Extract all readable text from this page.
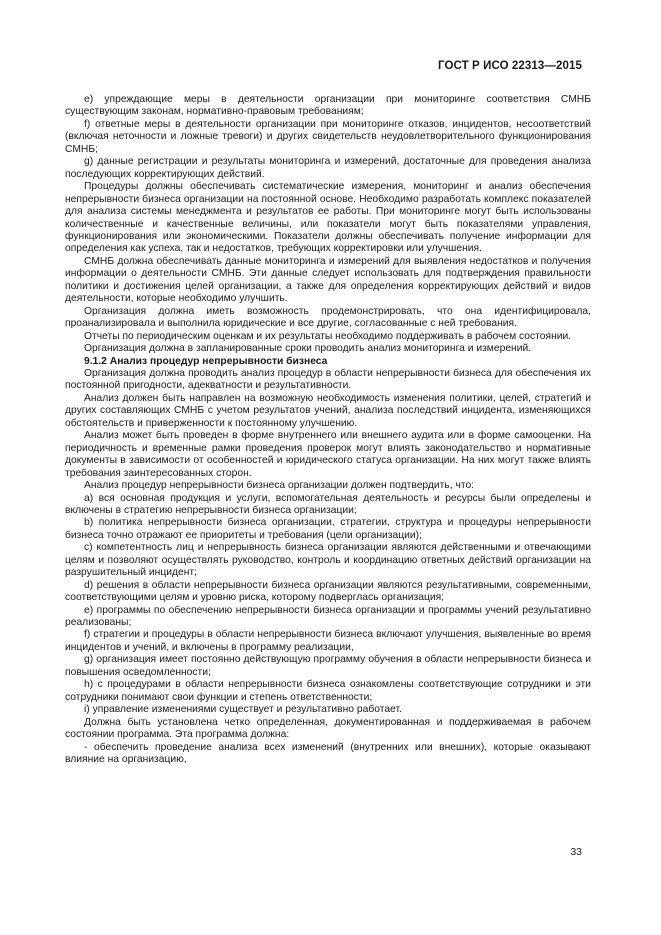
ГОСТ Р ИСО 22313—2015

e) упреждающие меры в деятельности организации при мониторинге соответствия СМНБ существующим законам, нормативно-правовым требованиям;

f) ответные меры в деятельности организации при мониторинге отказов, инцидентов, несоответствий (включая неточности и ложные тревоги) и других свидетельств неудовлетворительного функционирования СМНБ;

g) данные регистрации и результаты мониторинга и измерений, достаточные для проведения анализа последующих корректирующих действий.

Процедуры должны обеспечивать систематические измерения, мониторинг и анализ обеспечения непрерывности бизнеса организации на постоянной основе. Необходимо разработать комплекс показателей для анализа системы менеджмента и результатов ее работы. При мониторинге могут быть использованы количественные и качественные величины, или показатели могут быть показателями управления, функционирования или экономическими. Показатели должны обеспечивать получение информации для определения как успеха, так и недостатков, требующих корректировки или улучшения.

СМНБ должна обеспечивать данные мониторинга и измерений для выявления недостатков и получения информации о деятельности СМНБ. Эти данные следует использовать для подтверждения правильности политики и достижения целей организации, а также для определения корректирующих действий и видов деятельности, которые необходимо улучшить.

Организация должна иметь возможность продемонстрировать, что она идентифицировала, проанализировала и выполнила юридические и все другие, согласованные с ней требования.

Отчеты по периодическим оценкам и их результаты необходимо поддерживать в рабочем состоянии.

Организация должна в запланированные сроки проводить анализ мониторинга и измерений.

9.1.2 Анализ процедур непрерывности бизнеса

Организация должна проводить анализ процедур в области непрерывности бизнеса для обеспечения их постоянной пригодности, адекватности и результативности.

Анализ должен быть направлен на возможную необходимость изменения политики, целей, стратегий и других составляющих СМНБ с учетом результатов учений, анализа последствий инцидента, изменяющихся обстоятельств и приверженности к постоянному улучшению.

Анализ может быть проведен в форме внутреннего или внешнего аудита или в форме самооценки. На периодичность и временные рамки проведения проверок могут влиять законодательство и нормативные документы в зависимости от особенностей и юридического статуса организации. На них могут также влиять требования заинтересованных сторон.

Анализ процедур непрерывности бизнеса организации должен подтвердить, что:

a) вся основная продукция и услуги, вспомогательная деятельность и ресурсы были определены и включены в стратегию непрерывности бизнеса организации;

b) политика непрерывности бизнеса организации, стратегии, структура и процедуры непрерывности бизнеса точно отражают ее приоритеты и требования (цели организации);

c) компетентность лиц и непрерывность бизнеса организации являются действенными и отвечающими целям и позволяют осуществлять руководство, контроль и координацию ответных действий организации на разрушительный инцидент;

d) решения в области непрерывности бизнеса организации являются результативными, современными, соответствующими целям и уровню риска, которому подверглась организация;

e) программы по обеспечению непрерывности бизнеса организации и программы учений результативно реализованы;

f) стратегии и процедуры в области непрерывности бизнеса включают улучшения, выявленные во время инцидентов и учений, и включены в программу реализации,

g) организация имеет постоянно действующую программу обучения в области непрерывности бизнеса и повышения осведомленности;

h) с процедурами в области непрерывности бизнеса ознакомлены соответствующие сотрудники и эти сотрудники понимают свои функции и степень ответственности;

i) управление изменениями существует и результативно работает.

Должна быть установлена четко определенная, документированная и поддерживаемая в рабочем состоянии программа. Эта программа должна:

- обеспечить проведение анализа всех изменений (внутренних или внешних), которые оказывают влияние на организацию,

33
